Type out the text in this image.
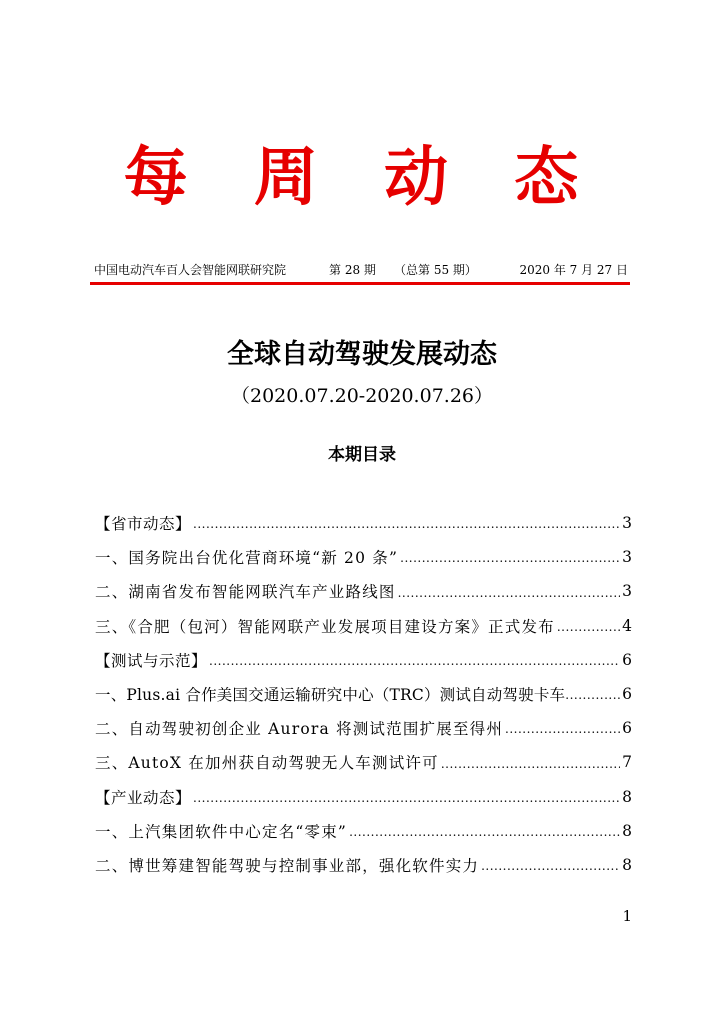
每 周 动 态
中国电动汽车百人会智能网联研究院	第 28 期 （总第 55 期）	2020 年 7 月 27 日
全球自动驾驶发展动态
（2020.07.20-2020.07.26）
本期目录
【省市动态】 .....	3
一、国务院出台优化营商环境“新 20 条” .....	3
二、湖南省发布智能网联汽车产业路线图 .....	3
三、《合肥（包河）智能网联产业发展项目建设方案》正式发布 .....	4
【测试与示范】 .....	6
一、Plus.ai 合作美国交通运输研究中心（TRC）测试自动驾驶卡车 .....	6
二、自动驾驶初创企业 Aurora 将测试范围扩展至得州 .....	6
三、AutoX 在加州获自动驾驶无人车测试许可 .....	7
【产业动态】 .....	8
一、上汽集团软件中心定名“零束” .....	8
二、博世筹建智能驾驶与控制事业部，强化软件实力 .....	8
1
